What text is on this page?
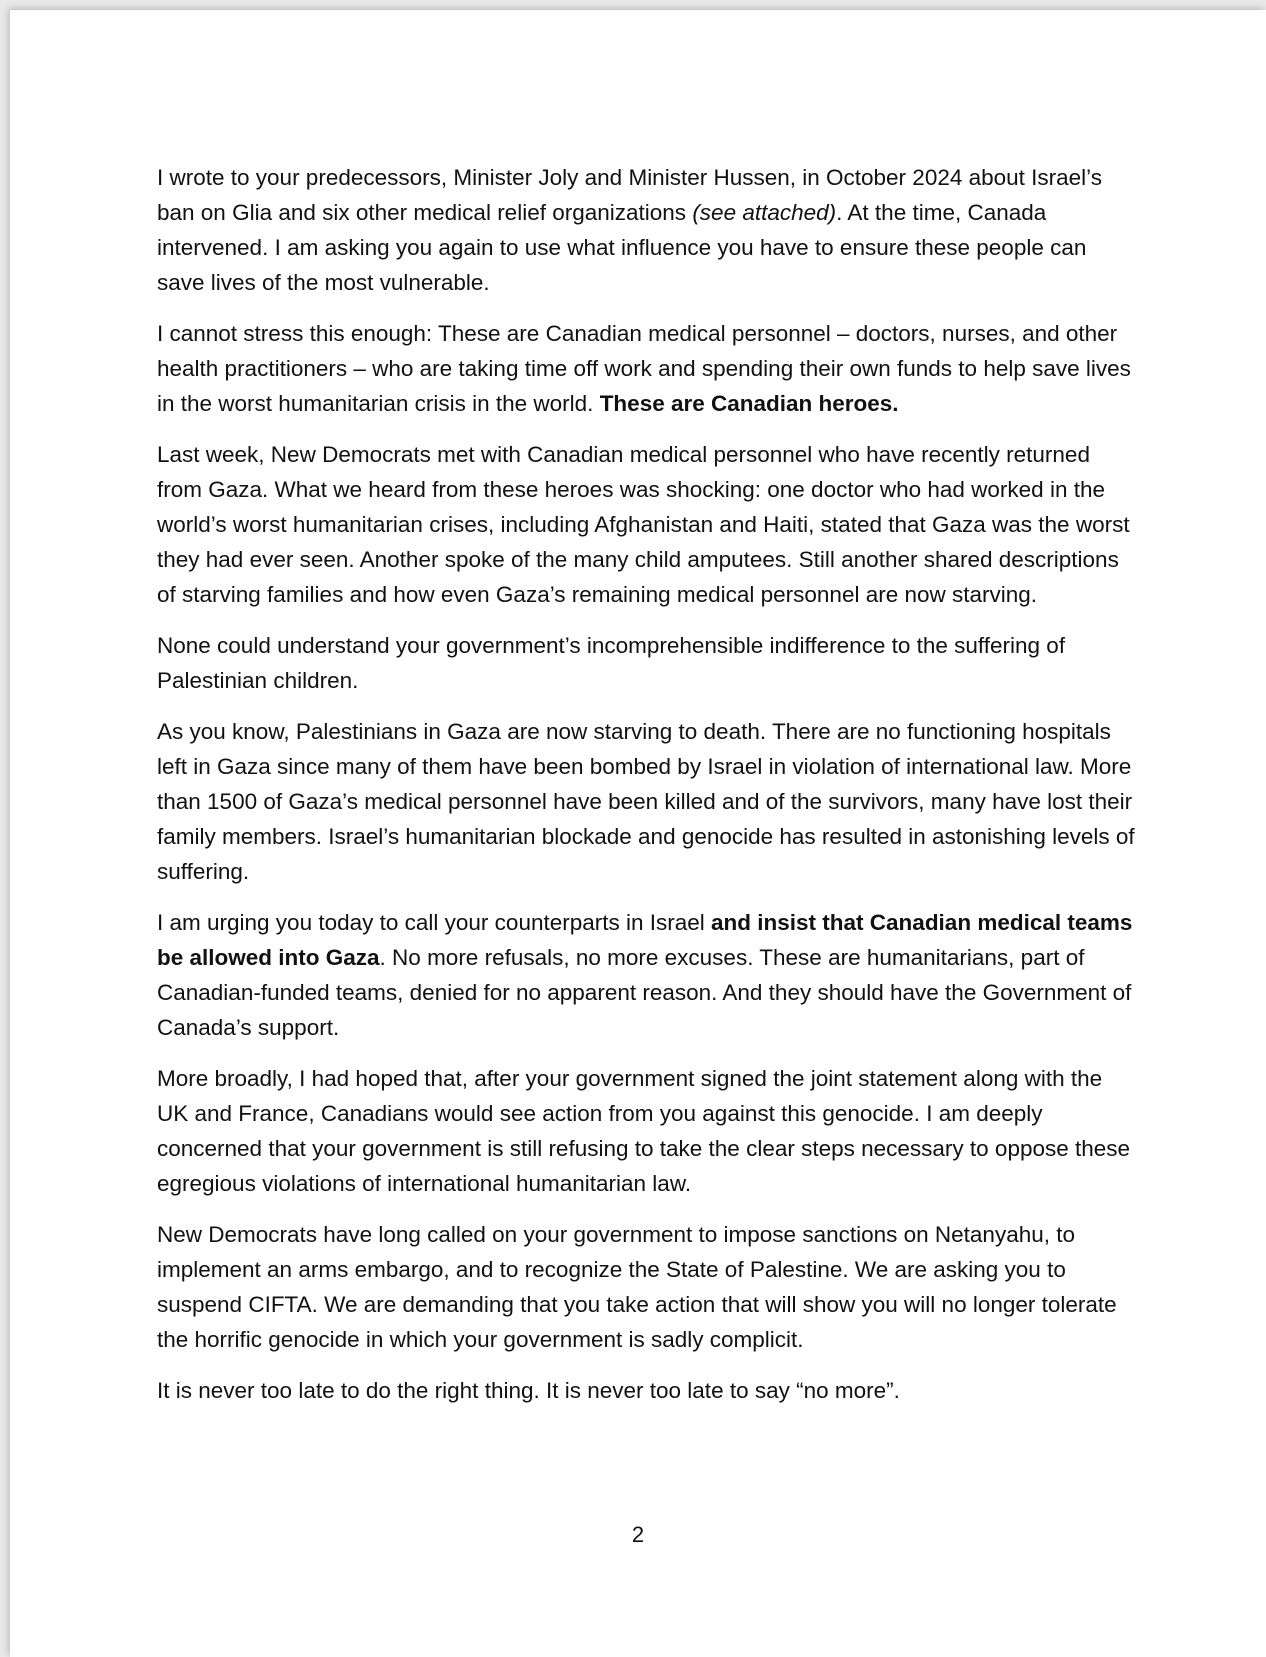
I wrote to your predecessors, Minister Joly and Minister Hussen, in October 2024 about Israel’s ban on Glia and six other medical relief organizations (see attached). At the time, Canada intervened. I am asking you again to use what influence you have to ensure these people can save lives of the most vulnerable.

I cannot stress this enough: These are Canadian medical personnel – doctors, nurses, and other health practitioners – who are taking time off work and spending their own funds to help save lives in the worst humanitarian crisis in the world. These are Canadian heroes.

Last week, New Democrats met with Canadian medical personnel who have recently returned from Gaza. What we heard from these heroes was shocking: one doctor who had worked in the world’s worst humanitarian crises, including Afghanistan and Haiti, stated that Gaza was the worst they had ever seen. Another spoke of the many child amputees. Still another shared descriptions of starving families and how even Gaza’s remaining medical personnel are now starving.

None could understand your government’s incomprehensible indifference to the suffering of Palestinian children.

As you know, Palestinians in Gaza are now starving to death. There are no functioning hospitals left in Gaza since many of them have been bombed by Israel in violation of international law. More than 1500 of Gaza’s medical personnel have been killed and of the survivors, many have lost their family members. Israel’s humanitarian blockade and genocide has resulted in astonishing levels of suffering.

I am urging you today to call your counterparts in Israel and insist that Canadian medical teams be allowed into Gaza. No more refusals, no more excuses. These are humanitarians, part of Canadian-funded teams, denied for no apparent reason. And they should have the Government of Canada’s support.

More broadly, I had hoped that, after your government signed the joint statement along with the UK and France, Canadians would see action from you against this genocide. I am deeply concerned that your government is still refusing to take the clear steps necessary to oppose these egregious violations of international humanitarian law.

New Democrats have long called on your government to impose sanctions on Netanyahu, to implement an arms embargo, and to recognize the State of Palestine. We are asking you to suspend CIFTA. We are demanding that you take action that will show you will no longer tolerate the horrific genocide in which your government is sadly complicit.

It is never too late to do the right thing. It is never too late to say “no more”.

2
